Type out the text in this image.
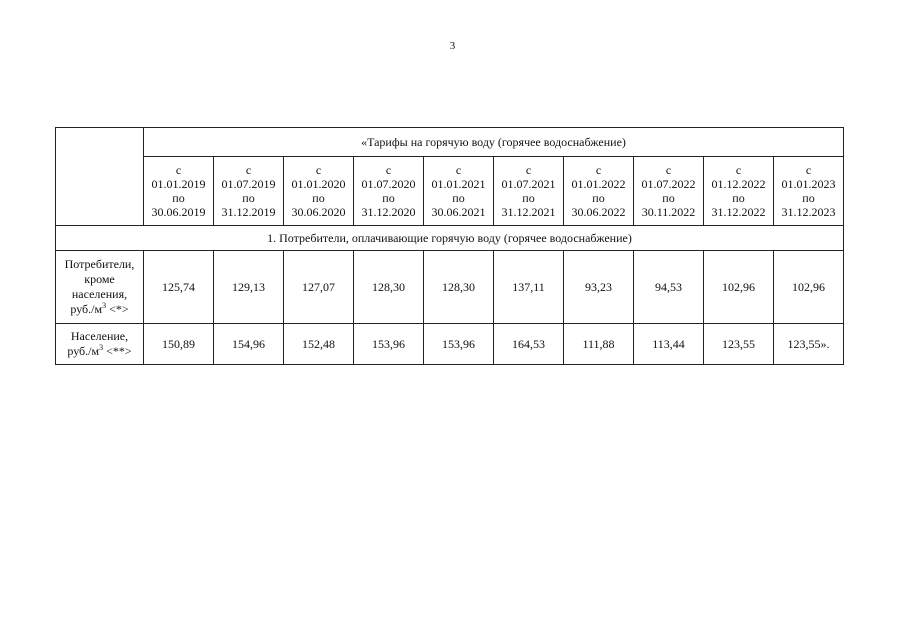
3
	«Тарифы на горячую воду (горячее водоснабжение)									

	с
01.01.2019
по
30.06.2019	с
01.07.2019
по
31.12.2019	с
01.01.2020
по
30.06.2020	с
01.07.2020
по
31.12.2020	с
01.01.2021
по
30.06.2021	с
01.07.2021
по
31.12.2021	с
01.01.2022
по
30.06.2022	с
01.07.2022
по
30.11.2022	с
01.12.2022
по
31.12.2022	с
01.01.2023
по
31.12.2023

1. Потребители, оплачивающие горячую воду (горячее водоснабжение)										

Потребители,
кроме
населения,
$руб./м^3$ <*>	125,74	129,13	127,07	128,30	128,30	137,11	93,23	94,53	102,96	102,96

Население,
$руб./м^3$ <**>	150,89	154,96	152,48	153,96	153,96	164,53	111,88	113,44	123,55	123,55».
